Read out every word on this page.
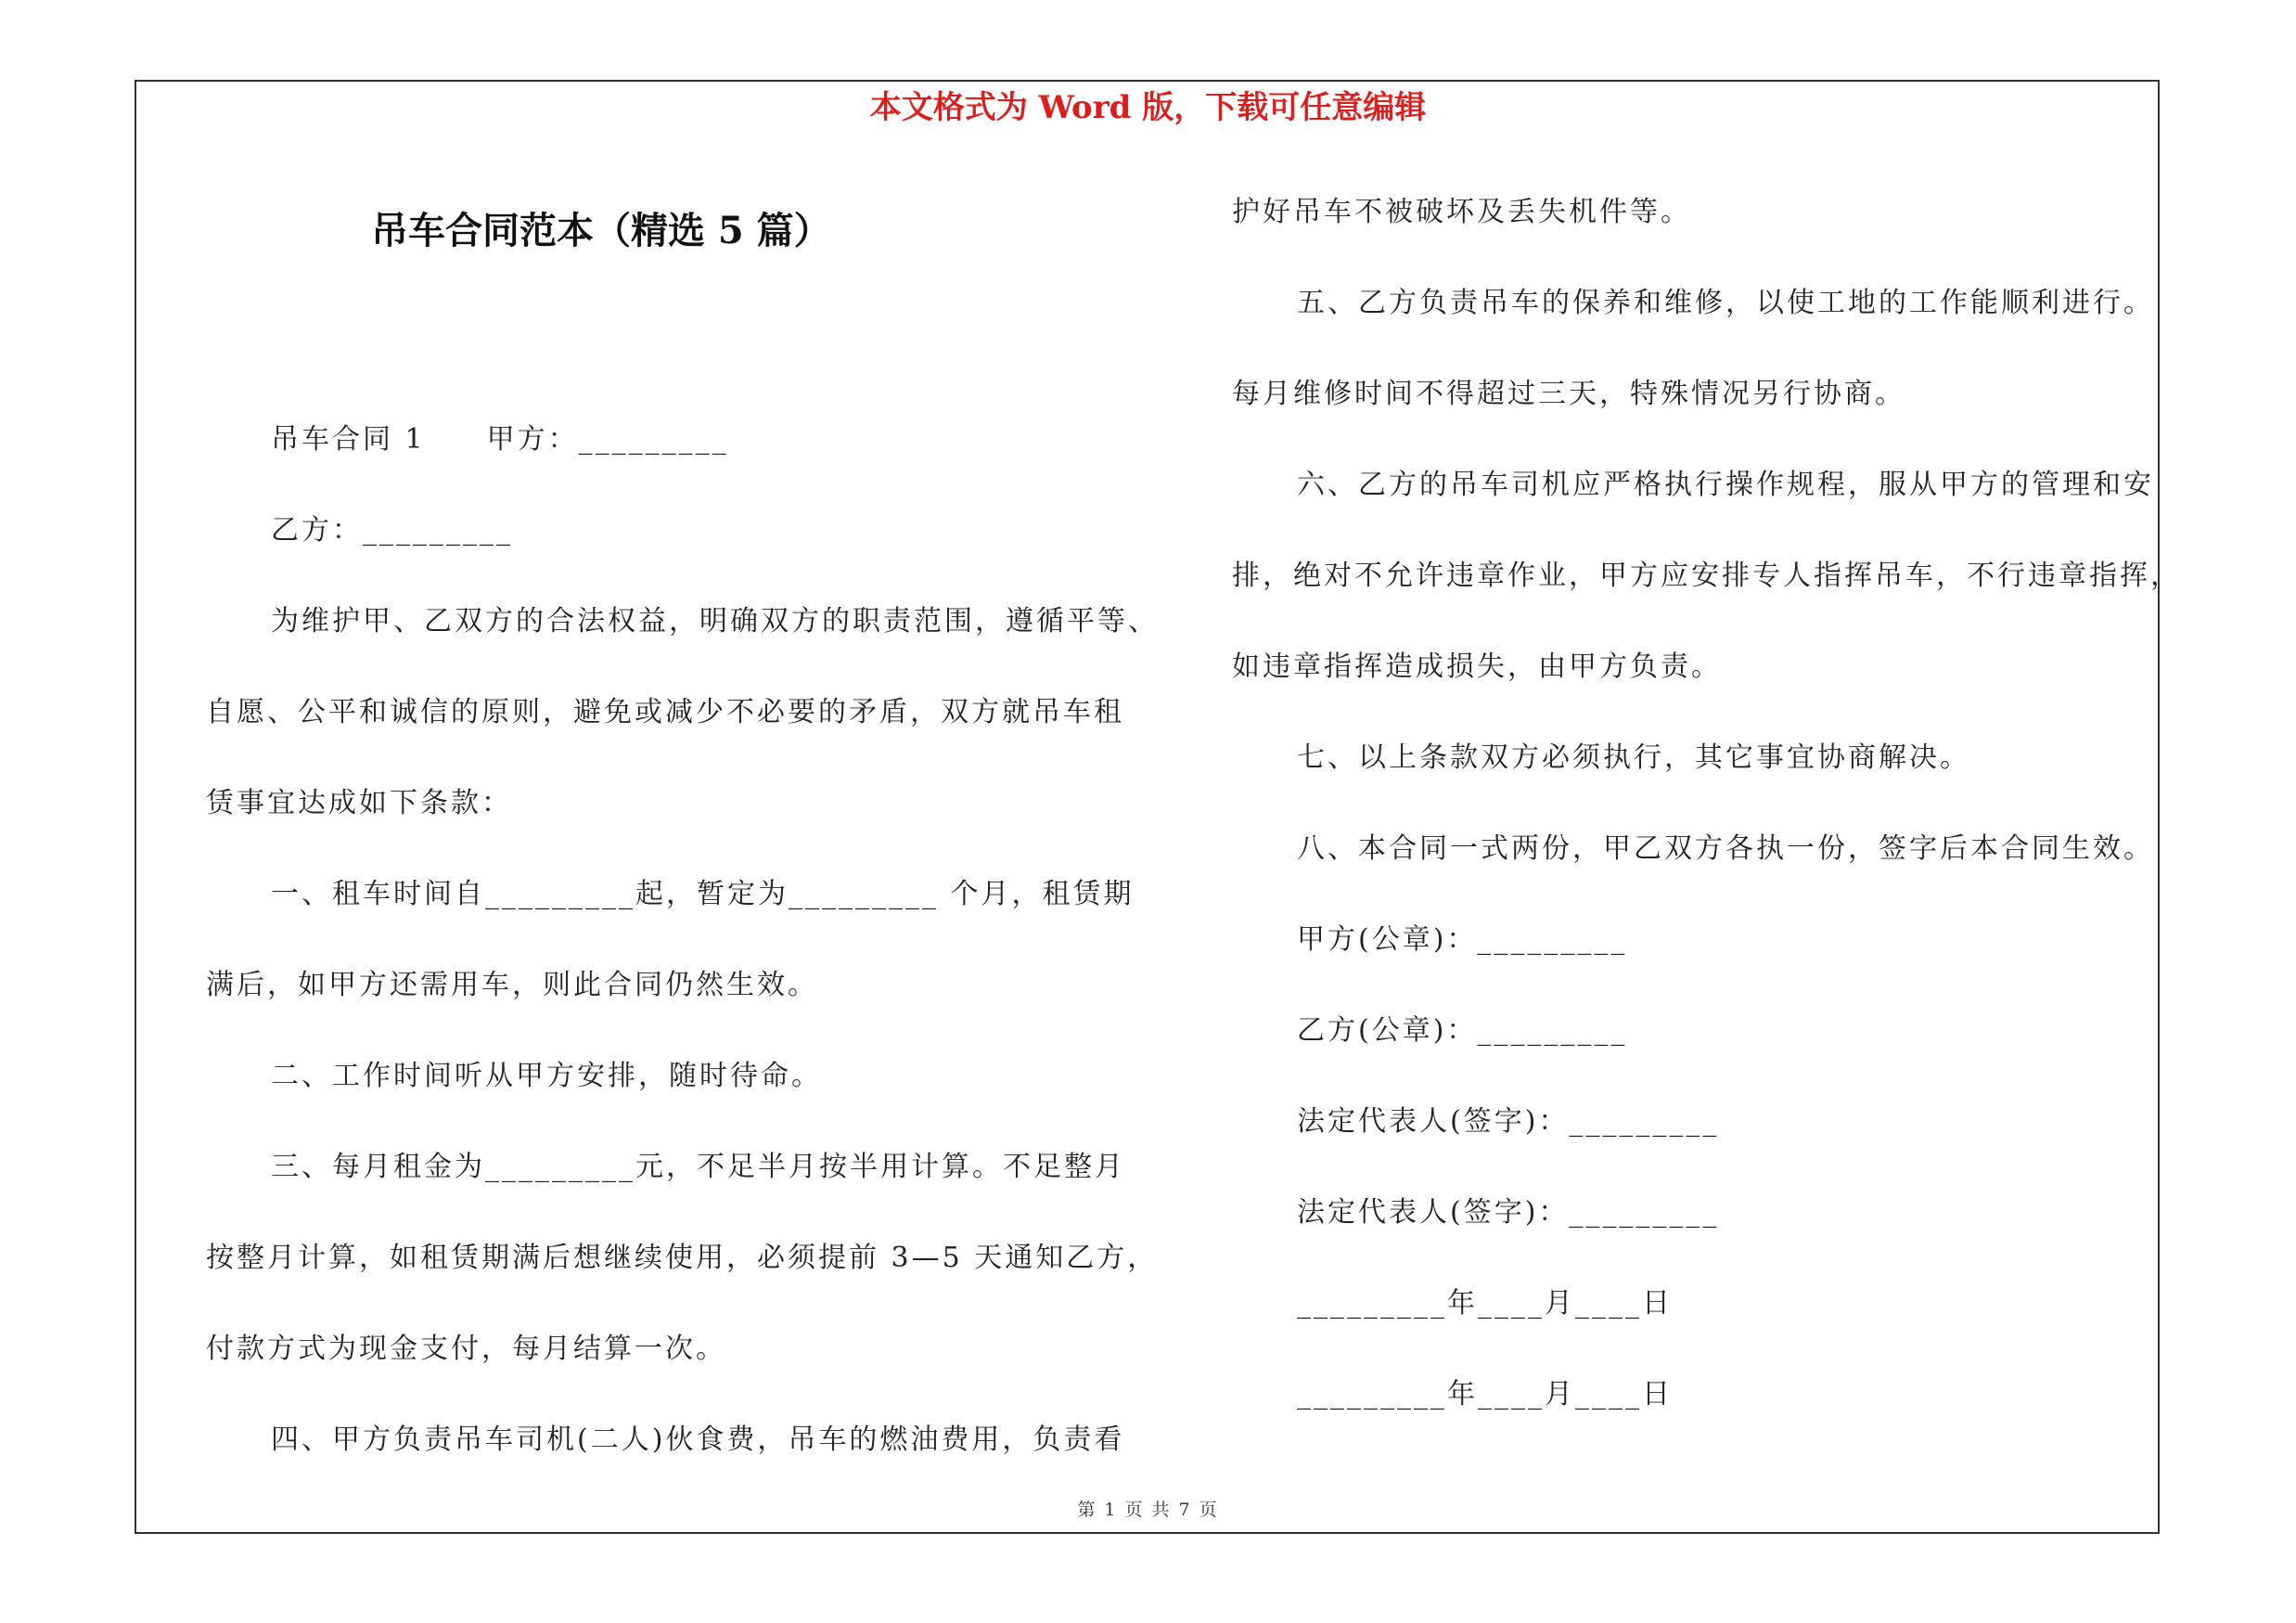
本文格式为 Word 版，下载可任意编辑
吊车合同范本（精选 5 篇）

吊车合同 1　　甲方：_________

乙方：_________

为维护甲、乙双方的合法权益，明确双方的职责范围，遵循平等、

自愿、公平和诚信的原则，避免或减少不必要的矛盾，双方就吊车租

赁事宜达成如下条款：

一、租车时间自_________起，暂定为_________ 个月，租赁期

满后，如甲方还需用车，则此合同仍然生效。

二、工作时间听从甲方安排，随时待命。

三、每月租金为_________元，不足半月按半用计算。不足整月

按整月计算，如租赁期满后想继续使用，必须提前 3—5 天通知乙方，

付款方式为现金支付，每月结算一次。

四、甲方负责吊车司机(二人)伙食费，吊车的燃油费用，负责看

护好吊车不被破坏及丢失机件等。

五、乙方负责吊车的保养和维修，以使工地的工作能顺利进行。

每月维修时间不得超过三天，特殊情况另行协商。

六、乙方的吊车司机应严格执行操作规程，服从甲方的管理和安

排，绝对不允许违章作业，甲方应安排专人指挥吊车，不行违章指挥，

如违章指挥造成损失，由甲方负责。

七、以上条款双方必须执行，其它事宜协商解决。

八、本合同一式两份，甲乙双方各执一份，签字后本合同生效。

甲方(公章)：_________

乙方(公章)：_________

法定代表人(签字)：_________

法定代表人(签字)：_________

_________年____月____日

_________年____月____日

第 1 页 共 7 页
